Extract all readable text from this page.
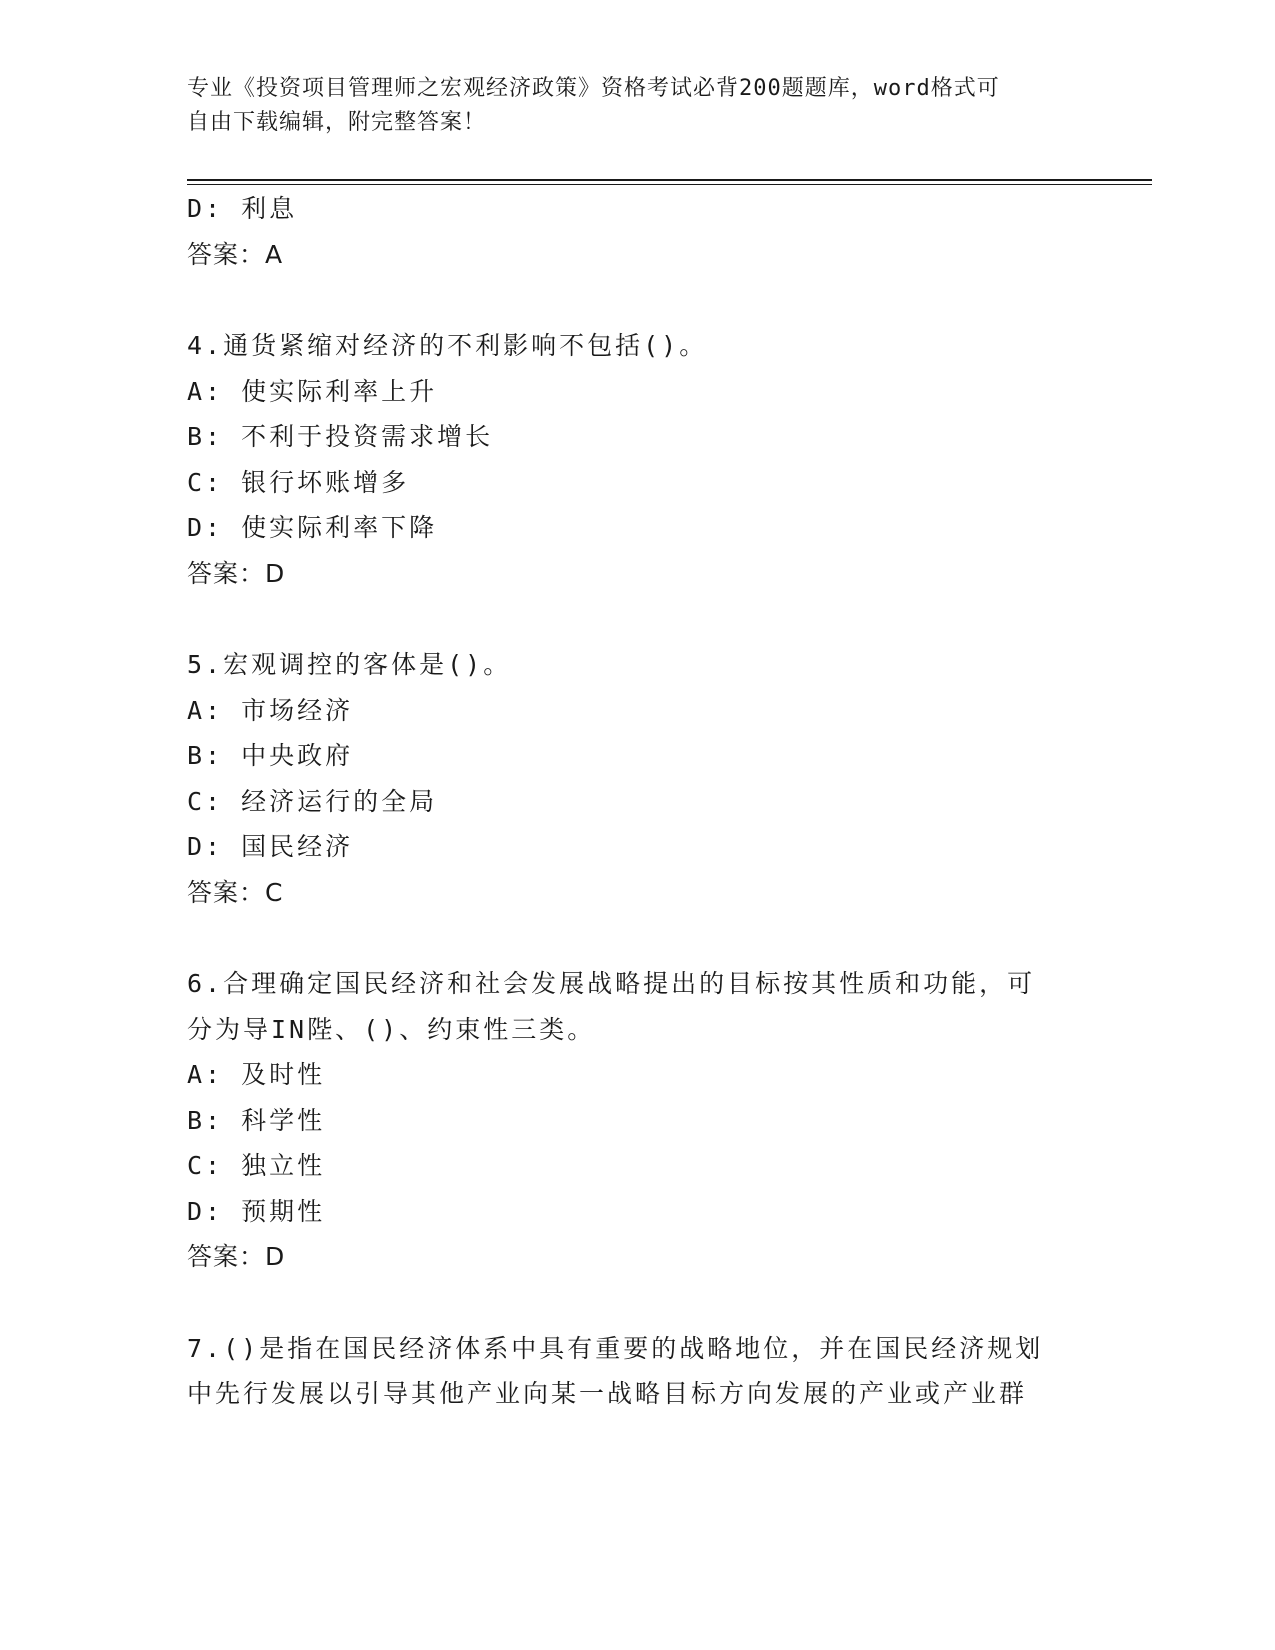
专业《投资项目管理师之宏观经济政策》资格考试必背200题题库，word格式可
自由下载编辑，附完整答案！
D: 利息
答案：A
4.通货紧缩对经济的不利影响不包括()。
A: 使实际利率上升
B: 不利于投资需求增长
C: 银行坏账增多
D: 使实际利率下降
答案：D
5.宏观调控的客体是()。
A: 市场经济
B: 中央政府
C: 经济运行的全局
D: 国民经济
答案：C
6.合理确定国民经济和社会发展战略提出的目标按其性质和功能，可
分为导IN陛、()、约束性三类。
A: 及时性
B: 科学性
C: 独立性
D: 预期性
答案：D
7.()是指在国民经济体系中具有重要的战略地位，并在国民经济规划
中先行发展以引导其他产业向某一战略目标方向发展的产业或产业群
